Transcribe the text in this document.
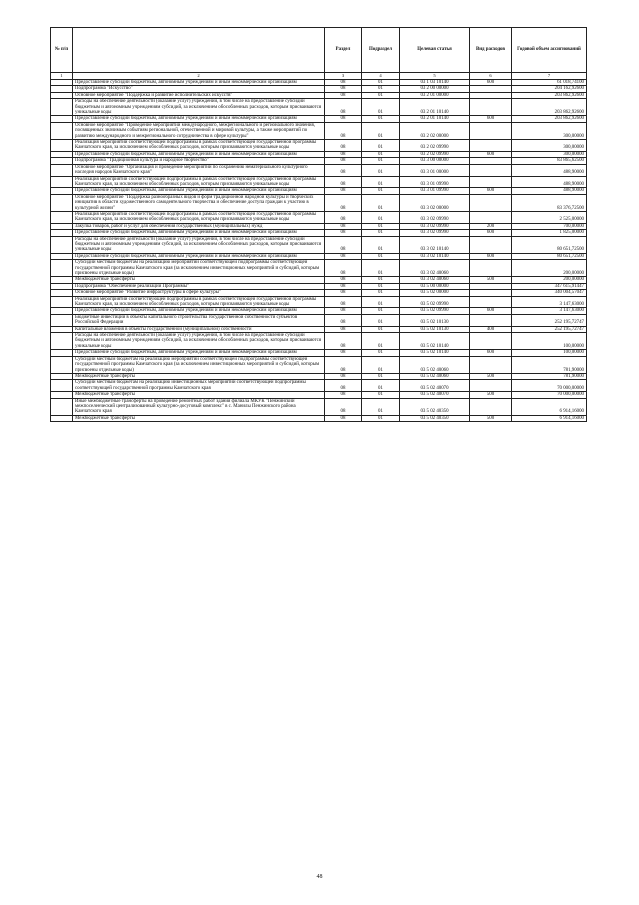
№ п/п		Раздел	Подраздел	Целевая статья	Вид расходов	Годовой объем ассигнований
1	2	3	4	5	6	7
	Предоставление субсидий бюджетным, автономным учреждениям и иным некоммерческим организациям	08	01	03 1 03 10140	600	61 018,74100
	Подпрограмма "Искусство"	08	01	03 2 00 00000		204 162,92600
	Основное мероприятие "Поддержка и развитие исполнительских искусств"	08	01	03 2 01 00000		203 862,92600
	Расходы на обеспечение деятельности (оказание услуг) учреждений, в том числе на предоставление субсидий бюджетным и автономным учреждениям субсидий, за исключением обособленных расходов, которым присваиваются уникальные коды	08	01	03 2 01 10140		203 862,92600
	Предоставление субсидий бюджетным, автономным учреждениям и иным некоммерческим организациям	08	01	03 2 01 10140	600	203 862,92600
	Основное мероприятие "Проведение мероприятий международного, межрегионального и регионального значения, посвященных значимым событиям региональной, отечественной и мировой культуры, а также мероприятий по развитию международного и межрегионального сотрудничества в сфере культуры"	08	01	03 2 02 00000		300,00000
	Реализация мероприятий соответствующей подпрограммы в рамках соответствующей государственной программы Камчатского края, за исключением обособленных расходов, которым присваиваются уникальные коды	08	01	03 2 02 09990		300,00000
	Предоставление субсидий бюджетным, автономным учреждениям и иным некоммерческим организациям	08	01	03 2 02 09990	600	300,00000
	Подпрограмма "Традиционная культура и народное творчество"	08	01	03 3 00 00000		83 865,62500
	Основное мероприятие "Организация и проведение мероприятий по сохранению нематериального культурного наследия народов Камчатского края"	08	01	03 3 01 00000		488,90000
	Реализация мероприятий соответствующей подпрограммы в рамках соответствующей государственной программы Камчатского края, за исключением обособленных расходов, которым присваиваются уникальные коды	08	01	03 3 01 09990		488,90000
	Предоставление субсидий бюджетным, автономным учреждениям и иным некоммерческим организациям	08	01	03 3 01 09990	600	488,90000
	Основное мероприятие "Поддержка разнообразных видов и форм традиционной народной культуры и творческих инициатив в области художественного самодеятельного творчества и обеспечение доступа граждан к участию в культурной жизни"	08	01	03 3 02 00000		83 376,72500
	Реализация мероприятий соответствующей подпрограммы в рамках соответствующей государственной программы Камчатского края, за исключением обособленных расходов, которым присваиваются уникальные коды	08	01	03 3 02 09990		2 525,00000
	Закупка товаров, работ и услуг для обеспечения государственных (муниципальных) нужд	08	01	03 3 02 09990	200	700,00000
	Предоставление субсидий бюджетным, автономным учреждениям и иным некоммерческим организациям	08	01	03 3 02 09990	600	1 825,00000
	Расходы на обеспечение деятельности (оказание услуг) учреждений, в том числе на предоставление субсидий бюджетным и автономным учреждениям субсидий, за исключением обособленных расходов, которым присваиваются уникальные коды	08	01	03 3 02 10140		80 651,72500
	Предоставление субсидий бюджетным, автономным учреждениям и иным некоммерческим организациям	08	01	03 3 02 10140	600	80 651,72500
	Субсидии местным бюджетам на реализацию мероприятий соответствующей подпрограммы соответствующей государственной программы Камчатского края (за исключением инвестиционных мероприятий и субсидий, которым присвоены отдельные коды)	08	01	03 3 02 40060		200,00000
	Межбюджетные трансферты	08	01	03 3 02 40060	500	200,00000
	Подпрограмма "Обеспечение реализации Программы"	08	01	03 5 00 00000		347 615,91447
	Основное мероприятие "Развитие инфраструктуры в сфере культуры"	08	01	03 5 02 00000		340 004,57047
	Реализация мероприятий соответствующей подпрограммы в рамках соответствующей государственной программы Камчатского края, за исключением обособленных расходов, которым присваиваются уникальные коды	08	01	03 5 02 09990		3 147,63000
	Предоставление субсидий бюджетным, автономным учреждениям и иным некоммерческим организациям	08	01	03 5 02 09990	600	3 147,63000
	Бюджетные инвестиции в объекты капитального строительства государственной собственности субъектов Российской Федерации	08	01	03 5 02 10130		252 195,72747
	Капитальные вложения в объекты государственной (муниципальной) собственности	08	01	03 5 02 10130	400	252 195,72747
	Расходы на обеспечение деятельности (оказание услуг) учреждений, в том числе на предоставление субсидий бюджетным и автономным учреждениям субсидий, за исключением обособленных расходов, которым присваиваются уникальные коды	08	01	03 5 02 10140		100,00000
	Предоставление субсидий бюджетным, автономным учреждениям и иным некоммерческим организациям	08	01	03 5 02 10140	600	100,00000
	Субсидии местным бюджетам на реализацию мероприятий соответствующей подпрограммы соответствующей государственной программы Камчатского края (за исключением инвестиционных мероприятий и субсидий, которым присвоены отдельные коды)	08	01	03 5 02 40060		781,90000
	Межбюджетные трансферты	08	01	03 5 02 40060	500	781,90000
	Субсидии местным бюджетам на реализацию инвестиционных мероприятий соответствующей подпрограммы соответствующей государственной программы Камчатского края	08	01	03 5 02 40070		70 000,00000
	Межбюджетные трансферты	08	01	03 5 02 40070	500	70 000,00000
	Иные межбюджетные трансферты на проведение ремонтных работ здания филиала МКУК "Пенжинский межпоселенческий централизованный культурно-досуговый комплекс" в с. Манилы Пенжинского района Камчатского края	08	01	03 5 02 40350		6 914,16000
	Межбюджетные трансферты	08	01	03 5 02 40350	500	6 914,16000
48
